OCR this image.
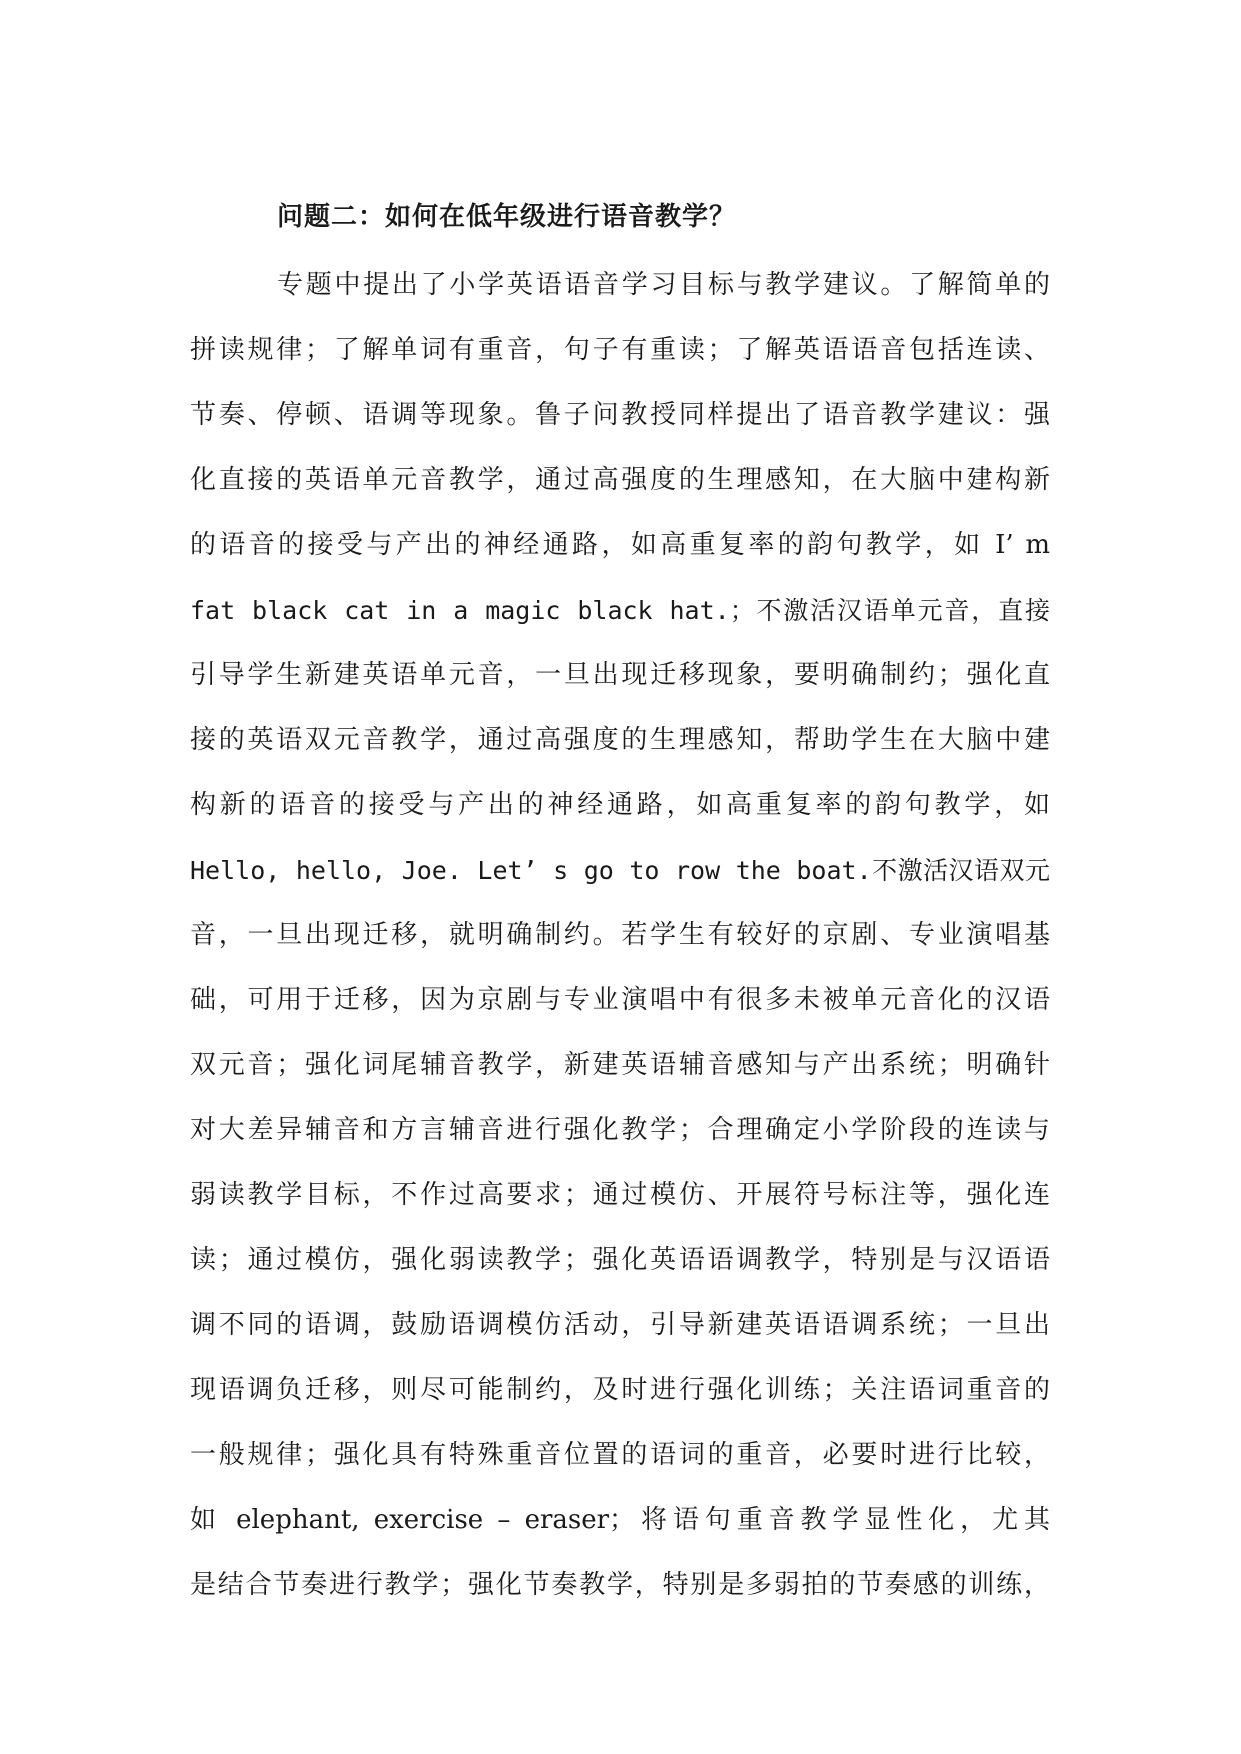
问题二：如何在低年级进行语音教学？
专题中提出了小学英语语音学习目标与教学建议。了解简单的
拼读规律；了解单词有重音，句子有重读；了解英语语音包括连读、
节奏、停顿、语调等现象。鲁子问教授同样提出了语音教学建议：强
化直接的英语单元音教学，通过高强度的生理感知，在大脑中建构新
的语音的接受与产出的神经通路，如高重复率的韵句教学，如 I’ m
fat black cat in a magic black hat.；不激活汉语单元音，直接
引导学生新建英语单元音，一旦出现迁移现象，要明确制约；强化直
接的英语双元音教学，通过高强度的生理感知，帮助学生在大脑中建
构新的语音的接受与产出的神经通路，如高重复率的韵句教学，如
Hello, hello, Joe. Let’ s go to row the boat.不激活汉语双元
音，一旦出现迁移，就明确制约。若学生有较好的京剧、专业演唱基
础，可用于迁移，因为京剧与专业演唱中有很多未被单元音化的汉语
双元音；强化词尾辅音教学，新建英语辅音感知与产出系统；明确针
对大差异辅音和方言辅音进行强化教学；合理确定小学阶段的连读与
弱读教学目标，不作过高要求；通过模仿、开展符号标注等，强化连
读；通过模仿，强化弱读教学；强化英语语调教学，特别是与汉语语
调不同的语调，鼓励语调模仿活动，引导新建英语语调系统；一旦出
现语调负迁移，则尽可能制约，及时进行强化训练；关注语词重音的
一般规律；强化具有特殊重音位置的语词的重音，必要时进行比较，
如 elephant, exercise – eraser；将语句重音教学显性化，尤其
是结合节奏进行教学；强化节奏教学，特别是多弱拍的节奏感的训练，
